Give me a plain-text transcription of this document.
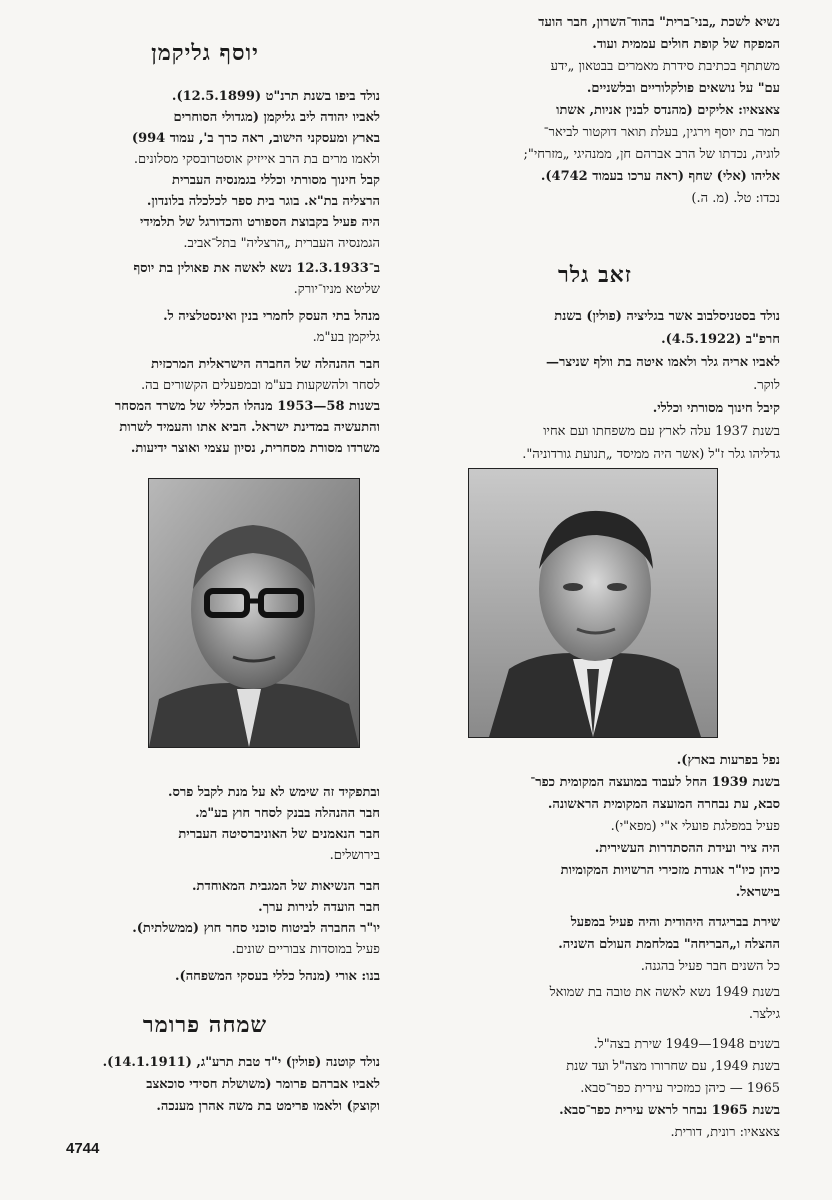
נשיא לשכת „בני־ברית" בהוד־השרון, חבר הועד
המפקח של קופת חולים עממית ועוד.
משתתף בכתיבת סידרת מאמרים בבטאון „ידע
עם" על נושאים פולקלוריים ובלשניים.
צאצאיו: אליקים (מהנדס לבנין אניות, אשתו
תמר בת יוסף וירגין, בעלת תואר דוקטור לביאר־
לוגיה, נכדתו של הרב אברהם חן, ממנהיגי „מזרחי";
אליהו (אלי) שחף (ראה ערכו בעמוד 4742).
נכדו: טל. (מ. ה.)
זאב גלר
נולד בסטניסלבוב אשר בגליציה (פולין) בשנת
חרפ"ב (4.5.1922).
לאביו אריה גלר ולאמו איטה בת וולף שניצר—
לוקר.
קיבל חינוך מסורתי וכללי.
בשנת 1937 עלה לארץ עם משפחתו ועם אחיו
גדליהו גלר ז"ל (אשר היה ממיסד „תנועת גורדוניה".
נפל בפרעות בארץ).
בשנת 1939 החל לעבוד במועצה המקומית כפר־
סבא, עת נבחרה המועצה המקומית הראשונה.
פעיל במפלגת פועלי א"י (מפא"י).
היה ציר ועידת ההסתדרות העשירית.
כיהן כיו"ר אגודת מזכירי הרשויות המקומיות
בישראל.
שירת בבריגדה היהודית והיה פעיל במפעל
ההצלה ו„הבריחה" במלחמת העולם השניה.
כל השנים חבר פעיל בהגנה.
בשנת 1949 נשא לאשה את טובה בת שמואל
גילצר.
בשנים 1948—1949 שירת בצה"ל.
בשנת 1949, עם שחרורו מצה"ל ועד שנת
1965 — כיהן כמזכיר עירית כפר־סבא.
בשנת 1965 נבחר לראש עירית כפר־סבא.
צאצאיו: רונית, דורית.
יוסף גליקמן
נולד ביפו בשנת תרנ"ט (12.5.1899).
לאביו יהודה ליב גליקמן (מגדולי הסוחרים
בארץ ומעסקני הישוב, ראה כרך ב', עמוד 994)
ולאמו מרים בת הרב אייזיק אוסטרובסקי מסלונים.
קבל חינוך מסורתי וכללי בגמנסיה העברית
הרצליה בת"א. בוגר בית ספר לכלכלה בלונדון.
היה פעיל בקבוצת הספורט והכדורגל של תלמידי
הגמנסיה העברית „הרצליה" בתל־אביב.
ב־12.3.1933 נשא לאשה את פאולין בת יוסף
שליטא מניו־יורק.
מנהל בתי העסק לחמרי בנין ואינסטלציה ל.
גליקמן בע"מ.
חבר ההנהלה של החברה הישראלית המרכזית
לסחר ולהשקעות בע"מ ובמפעלים הקשורים בה.
בשנות 58—1953 מנהלו הכללי של משרד המסחר
והתעשיה במדינת ישראל. הביא אתו והעמיד לשרות
משרדו מסורת מסחרית, נסיון עצמי ואוצר ידיעות.
ובתפקיד זה שימש לא על מנת לקבל פרס.
חבר ההנהלה בבנק לסחר חוץ בע"מ.
חבר הנאמנים של האוניברסיטה העברית
בירושלים.
חבר הנשיאות של המגבית המאוחדת.
חבר הועדה לנירות ערך.
יו"ר החברה לביטוח סוכני סחר חוץ (ממשלתית).
פעיל במוסדות צבוריים שונים.
בנו: אורי (מנהל כללי בעסקי המשפחה).
שמחה פרומר
נולד קוטנה (פולין) י"ד טבת תרע"ג, (14.1.1911).
לאביו אברהם פרומר (משושלת חסידי סוכאצב
וקוצק) ולאמו פרימט בת משה אהרן מענכה.
4744
